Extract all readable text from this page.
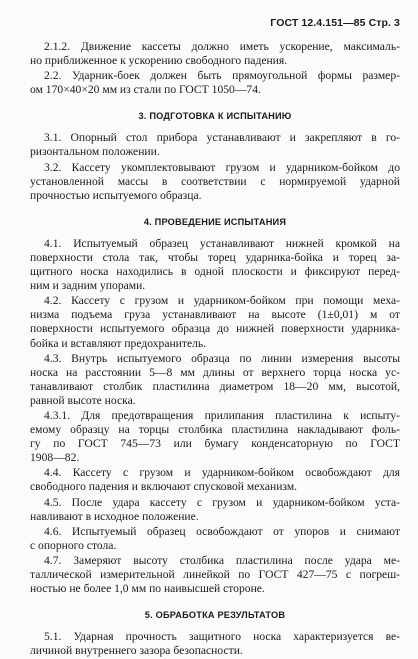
ГОСТ 12.4.151—85 Стр. 3
2.1.2. Движение кассеты должно иметь ускорение, максималь-
но приближенное к ускорению свободного падения.
2.2. Ударник-боек должен быть прямоугольной формы размер-
ом 170×40×20 мм из стали по ГОСТ 1050—74.
3. ПОДГОТОВКА К ИСПЫТАНИЮ
3.1. Опорный стол прибора устанавливают и закрепляют в го-
ризонтальном положении.
3.2. Кассету укомплектовывают грузом и ударником-бойком до
установленной массы в соответствии с нормируемой ударной
прочностью испытуемого образца.
4. ПРОВЕДЕНИЕ ИСПЫТАНИЯ
4.1. Испытуемый образец устанавливают нижней кромкой на
поверхности стола так, чтобы торец ударника-бойка и торец за-
щитного носка находились в одной плоскости и фиксируют перед-
ним и задним упорами.
4.2. Кассету с грузом и ударником-бойком при помощи меха-
низма подъема груза устанавливают на высоте (1±0,01) м от
поверхности испытуемого образца до нижней поверхности ударника-
бойка и вставляют предохранитель.
4.3. Внутрь испытуемого образца по линии измерения высоты
носка на расстоянии 5—8 мм длины от верхнего торца носка ус-
танавливают столбик пластилина диаметром 18—20 мм, высотой,
равной высоте носка.
4.3.1. Для предотвращения прилипания пластилина к испыту-
емому образцу на торцы столбика пластилина накладывают фоль-
гу по ГОСТ 745—73 или бумагу конденсаторную по ГОСТ
1908—82.
4.4. Кассету с грузом и ударником-бойком освобождают для
свободного падения и включают спусковой механизм.
4.5. После удара кассету с грузом и ударником-бойком уста-
навливают в исходное положение.
4.6. Испытуемый образец освобождают от упоров и снимают
с опорного стола.
4.7. Замеряют высоту столбика пластилина после удара ме-
таллической измерительной линейкой по ГОСТ 427—75 с погреш-
ностью не более 1,0 мм по наивысшей стороне.
5. ОБРАБОТКА РЕЗУЛЬТАТОВ
5.1. Ударная прочность защитного носка характеризуется ве-
личиной внутреннего зазора безопасности.
